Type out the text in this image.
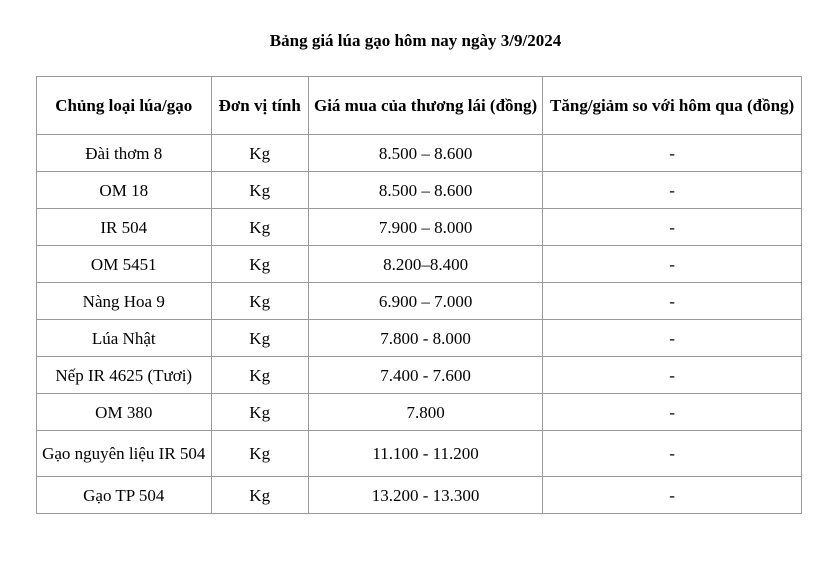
Bảng giá lúa gạo hôm nay ngày 3/9/2024
Chủng loại lúa/gạo	Đơn vị tính	Giá mua của thương lái (đồng)	Tăng/giảm so với hôm qua (đồng)
Đài thơm 8	Kg	8.500 – 8.600	-
OM 18	Kg	8.500 – 8.600	-
IR 504	Kg	7.900 – 8.000	-
OM 5451	Kg	8.200–8.400	-
Nàng Hoa 9	Kg	6.900 – 7.000	-
Lúa Nhật	Kg	7.800 - 8.000	-
Nếp IR 4625 (Tươi)	Kg	7.400 - 7.600	-
OM 380	Kg	7.800	-
Gạo nguyên liệu IR 504	Kg	11.100 - 11.200	-
Gạo TP 504	Kg	13.200 - 13.300	-
